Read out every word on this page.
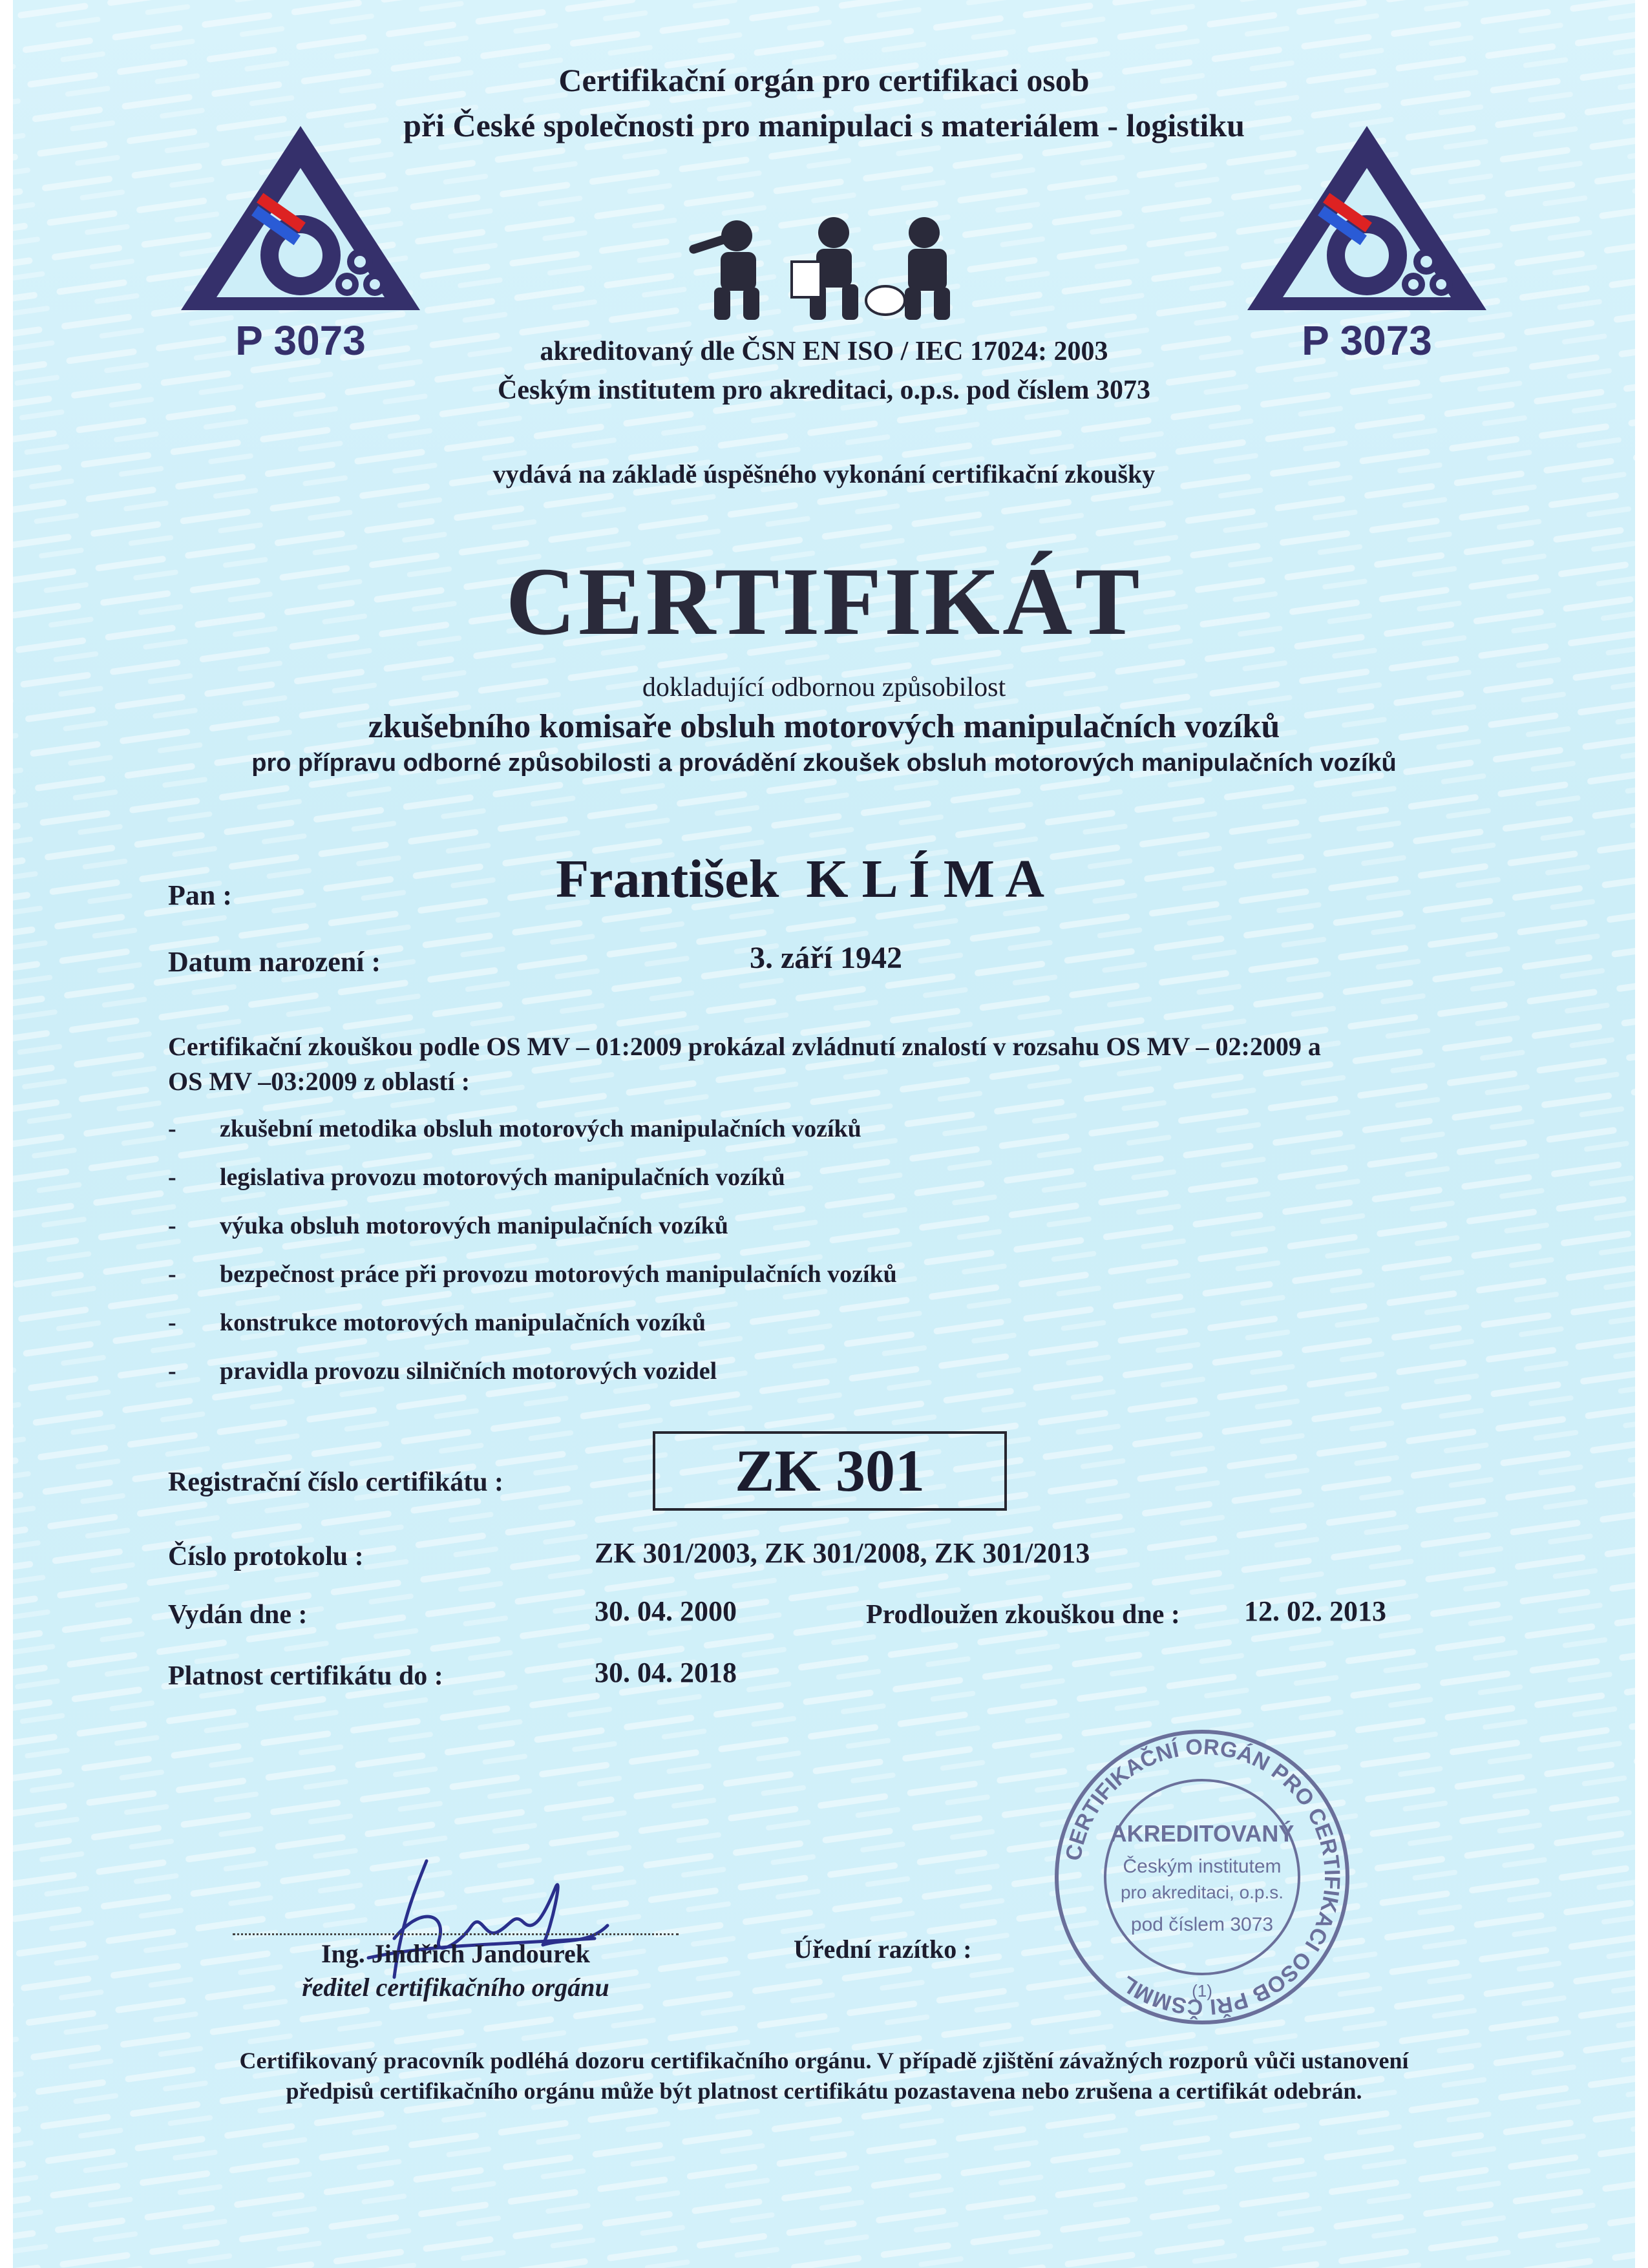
Certifikační orgán pro certifikaci osob
při České společnosti pro manipulaci s materiálem - logistiku
P 3073	P 3073
akreditovaný dle ČSN EN ISO / IEC 17024: 2003
Českým institutem pro akreditaci, o.p.s. pod číslem 3073
vydává na základě úspěšného vykonání certifikační zkoušky
CERTIFIKÁT
dokladující odbornou způsobilost
zkušebního komisaře obsluh motorových manipulačních vozíků
pro přípravu odborné způsobilosti a provádění zkoušek obsluh motorových manipulačních vozíků
Pan :	František  K L Í M A
Datum narození :	3. září 1942
Certifikační zkouškou podle OS MV – 01:2009 prokázal zvládnutí znalostí v rozsahu OS MV – 02:2009 a
OS MV –03:2009 z oblastí :
- zkušební metodika obsluh motorových manipulačních vozíků
- legislativa provozu motorových manipulačních vozíků
- výuka obsluh motorových manipulačních vozíků
- bezpečnost práce při provozu motorových manipulačních vozíků
- konstrukce motorových manipulačních vozíků
- pravidla provozu silničních motorových vozidel
Registrační číslo certifikátu :	ZK 301
Číslo protokolu :	ZK 301/2003, ZK 301/2008, ZK 301/2013
Vydán dne :	30. 04. 2000	Prodloužen zkouškou dne : 12. 02. 2013
Platnost certifikátu do :	30. 04. 2018
Ing. Jindřich Jandourek
ředitel certifikačního orgánu
Úřední razítko :
CERTIFIKAČNÍ ORGÁN PRO CERTIFIKACI OSOB PŘI ČSMML
AKREDITOVANÝ
Českým institutem
pro akreditaci, o.p.s.
pod číslem 3073
(1)
Certifikovaný pracovník podléhá dozoru certifikačního orgánu. V případě zjištění závažných rozporů vůči ustanovení
předpisů certifikačního orgánu může být platnost certifikátu pozastavena nebo zrušena a certifikát odebrán.
